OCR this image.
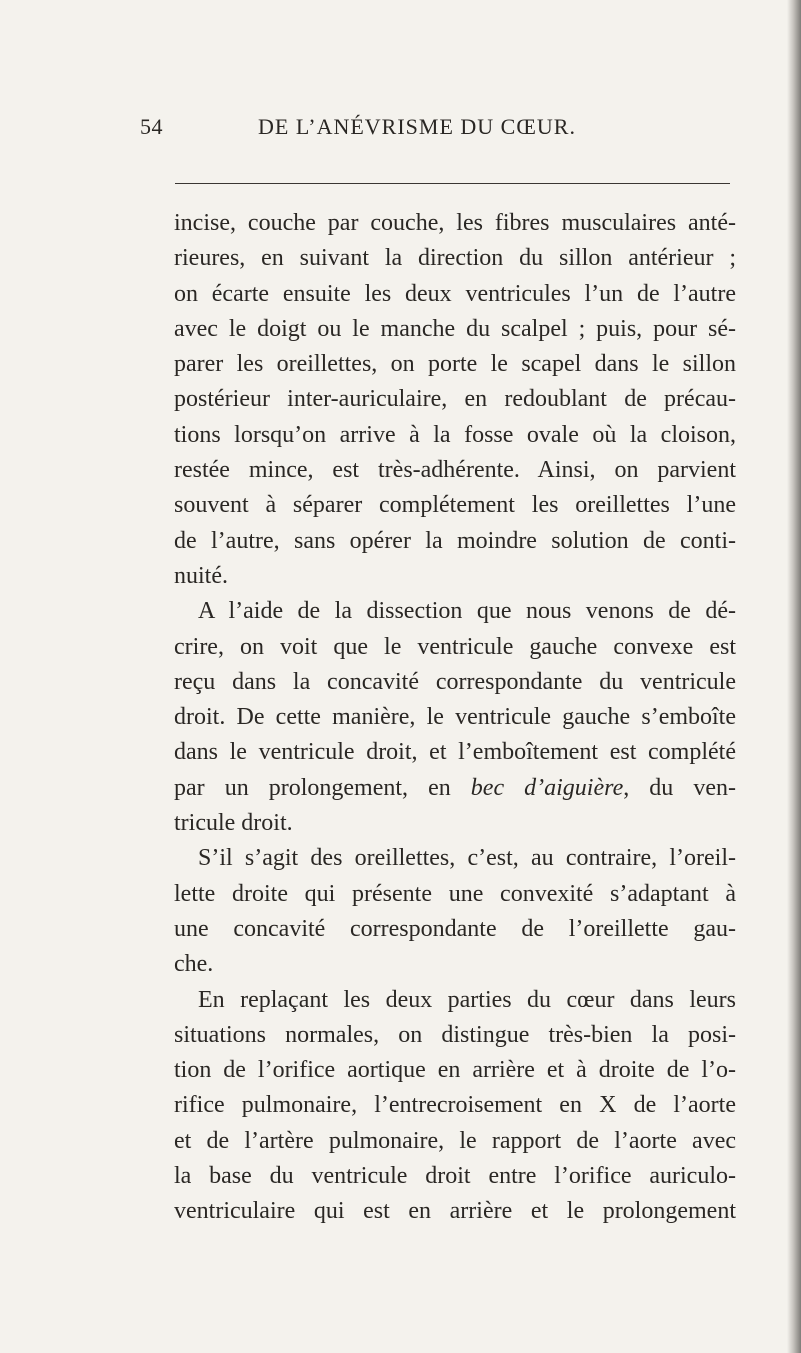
54	DE L’ANÉVRISME DU CŒUR.
incise, couche par couche, les fibres musculaires anté-
rieures, en suivant la direction du sillon antérieur ;
on écarte ensuite les deux ventricules l’un de l’autre
avec le doigt ou le manche du scalpel ; puis, pour sé-
parer les oreillettes, on porte le scapel dans le sillon
postérieur inter-auriculaire, en redoublant de précau-
tions lorsqu’on arrive à la fosse ovale où la cloison,
restée mince, est très-adhérente. Ainsi, on parvient
souvent à séparer complétement les oreillettes l’une
de l’autre, sans opérer la moindre solution de conti-
nuité.
A l’aide de la dissection que nous venons de dé-
crire, on voit que le ventricule gauche convexe est
reçu dans la concavité correspondante du ventricule
droit. De cette manière, le ventricule gauche s’emboîte
dans le ventricule droit, et l’emboîtement est complété
par un prolongement, en bec d’aiguière, du ven-
tricule droit.
S’il s’agit des oreillettes, c’est, au contraire, l’oreil-
lette droite qui présente une convexité s’adaptant à
une concavité correspondante de l’oreillette gau-
che.
En replaçant les deux parties du cœur dans leurs
situations normales, on distingue très-bien la posi-
tion de l’orifice aortique en arrière et à droite de l’o-
rifice pulmonaire, l’entrecroisement en X de l’aorte
et de l’artère pulmonaire, le rapport de l’aorte avec
la base du ventricule droit entre l’orifice auriculo-
ventriculaire qui est en arrière et le prolongement
